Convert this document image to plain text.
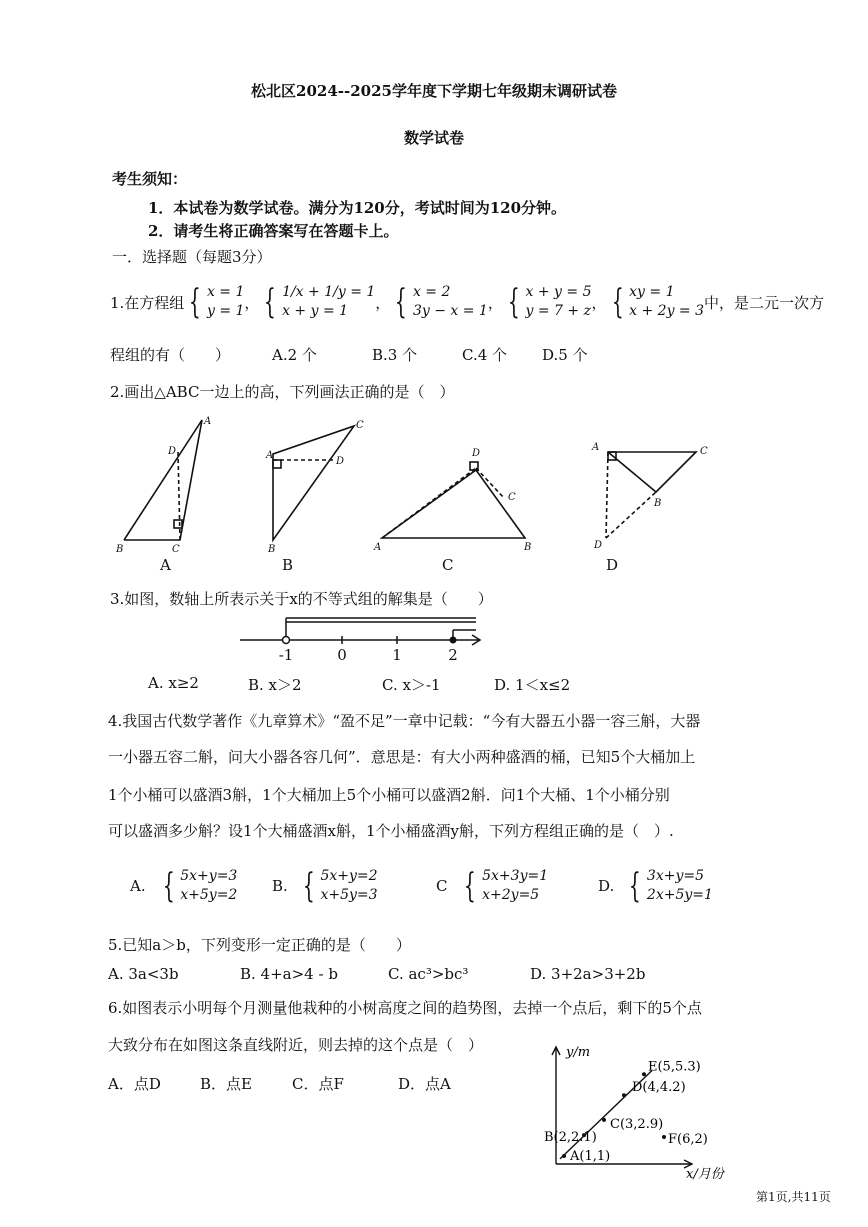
松北区2024--2025学年度下学期七年级期末调研试卷
数学试卷
考生须知：
1．本试卷为数学试卷。满分为120分，考试时间为120分钟。
2．请考生将正确答案写在答题卡上。
一．选择题（每题3分）
1.在方程组 { x = 1
y = 1 ， { 1/x + 1/y = 1
x + y = 1	， { x = 2
3y − x = 1 ， { x + y = 5
y = 7 + z ， { xy = 1
x + 2y = 3 中，是二元一次方
程组的有（　　）	A.2 个	B.3 个	C.4 个 D.5 个
2.画出△ABC一边上的高，下列画法正确的是（　）
A
D
B	C
C
A
D
B
D
C
A	B
A	C
B
D
A	B	C	D
3.如图，数轴上所表示关于x的不等式组的解集是（　　）
-1	0	1	2
A. x≥2	B. x＞2	C. x＞-1	D. 1＜x≤2
4.我国古代数学著作《九章算术》“盈不足”一章中记载：“今有大器五小器一容三斛，大器
一小器五容二斛，问大小器各容几何”．意思是：有大小两种盛酒的桶，已知5个大桶加上
1个小桶可以盛酒3斛，1个大桶加上5个小桶可以盛酒2斛．问1个大桶、1个小桶分别
可以盛酒多少斛？设1个大桶盛酒x斛，1个小桶盛酒y斛，下列方程组正确的是（　）.
A. { 5x+y=3
x+5y=2 B. { 5x+y=2
x+5y=3	C { 5x+3y=1
x+2y=5	D. { 3x+y=5
2x+5y=1
5.已知a＞b，下列变形一定正确的是（　　）
A. 3a<3b	B. 4+a>4 - b	C. ac³>bc³	D. 3+2a>3+2b
6.如图表示小明每个月测量他栽种的小树高度之间的趋势图，去掉一个点后，剩下的5个点
大致分布在如图这条直线附近，则去掉的这个点是（　）
A．点D	B．点E	C．点F	D．点A
A(1,1)
B(2,2.1)
C(3,2.9)
D(4,4.2)
E(5,5.3)
F(6,2)
y/m
x/月份
第1页,共11页
